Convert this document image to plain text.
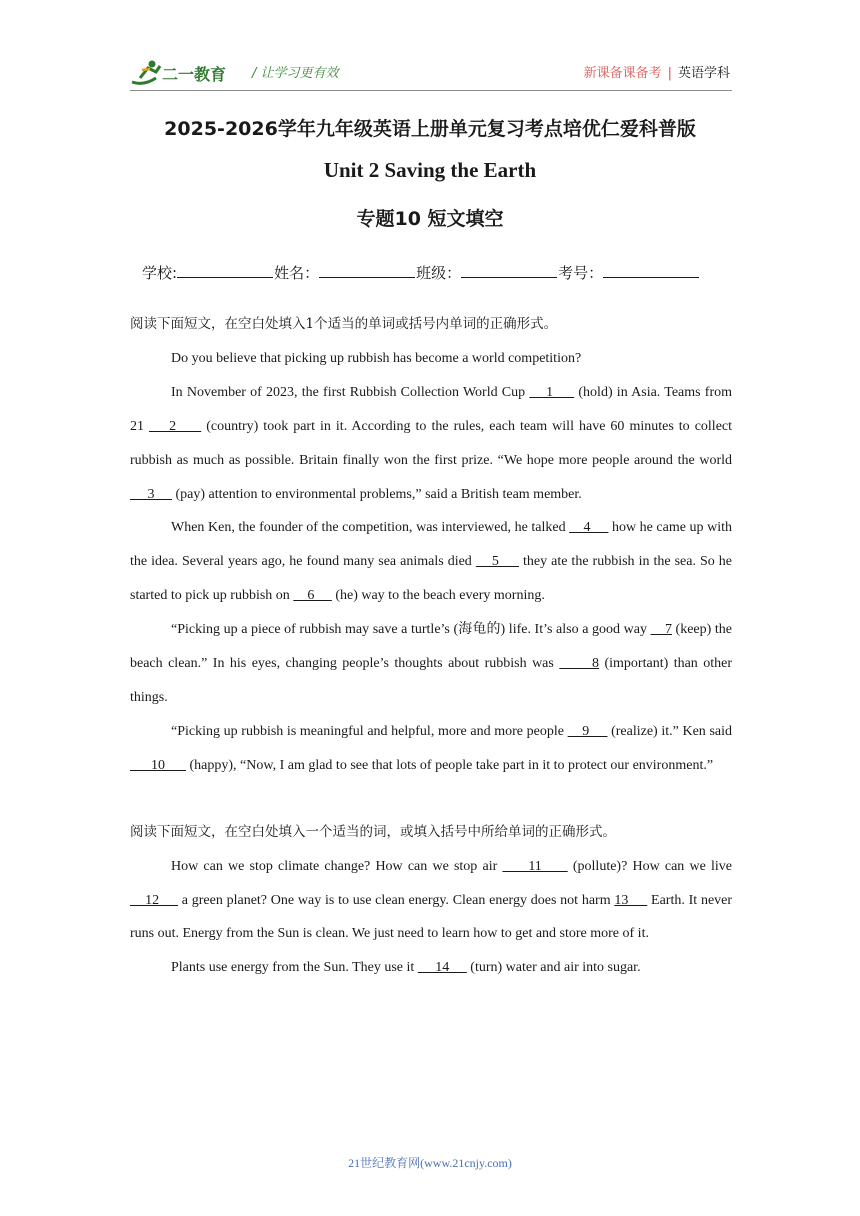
二一教育 / 让学习更有效	新课备课备考 | 英语学科
2025-2026学年九年级英语上册单元复习考点培优仁爱科普版
Unit 2 Saving the Earth
专题10 短文填空
学校:	姓名：	班级：	考号：

阅读下面短文，在空白处填入1个适当的单词或括号内单词的正确形式。

Do you believe that picking up rubbish has become a world competition?

In November of 2023, the first Rubbish Collection World Cup     1      (hold) in Asia. Teams from 21     2      (country) took part in it. According to the rules, each team will have 60 minutes to collect rubbish as much as possible. Britain finally won the first prize. “We hope more people around the world      3      (pay) attention to environmental problems,” said a British team member.

When Ken, the founder of the competition, was interviewed, he talked     4      how he came up with the idea. Several years ago, he found many sea animals died     5      they ate the rubbish in the sea. So he started to pick up rubbish on     6      (he) way to the beach every morning.

“Picking up a piece of rubbish may save a turtle’s (海龟的) life. It’s also a good way     7 (keep) the beach clean.” In his eyes, changing people’s thoughts about rubbish was       8 (important) than other things.

“Picking up rubbish is meaningful and helpful, more and more people     9      (realize) it.” Ken said       10       (happy), “Now, I am glad to see that lots of people take part in it to protect our environment.”

阅读下面短文，在空白处填入一个适当的词，或填入括号中所给单词的正确形式。

How can we stop climate change? How can we stop air      11      (pollute)? How can we live     12      a green planet? One way is to use clean energy. Clean energy does not harm 13      Earth. It never runs out. Energy from the Sun is clean. We just need to learn how to get and store more of it.

Plants use energy from the Sun. They use it      14      (turn) water and air into sugar.

21世纪教育网(www.21cnjy.com)
